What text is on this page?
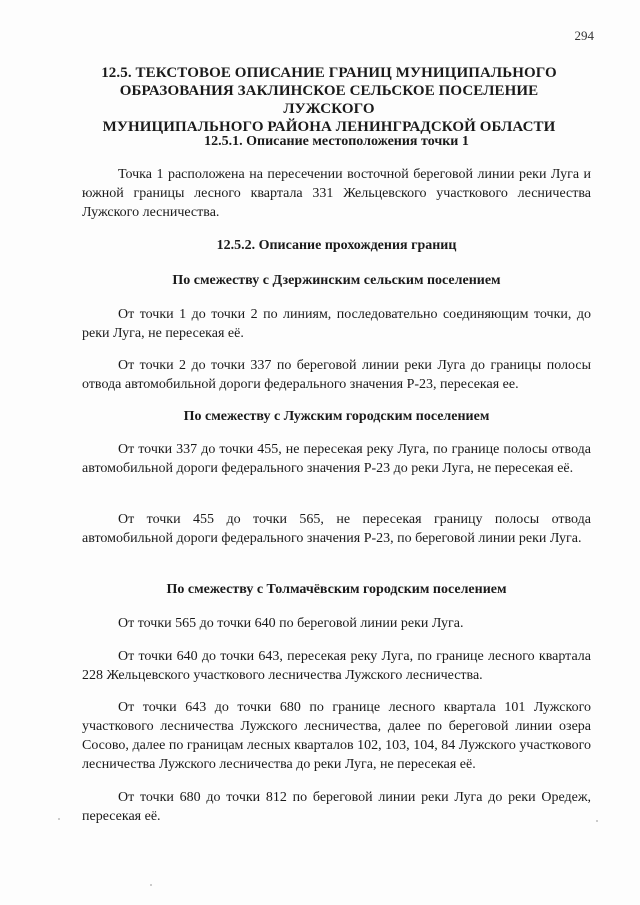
294
12.5. ТЕКСТОВОЕ ОПИСАНИЕ ГРАНИЦ МУНИЦИПАЛЬНОГО
ОБРАЗОВАНИЯ ЗАКЛИНСКОЕ СЕЛЬСКОЕ ПОСЕЛЕНИЕ ЛУЖСКОГО
МУНИЦИПАЛЬНОГО РАЙОНА ЛЕНИНГРАДСКОЙ ОБЛАСТИ

12.5.1. Описание местоположения точки 1

Точка 1 расположена на пересечении восточной береговой линии реки Луга и южной границы лесного квартала 331 Жельцевского участкового лесничества Лужского лесничества.

12.5.2. Описание прохождения границ

По смежеству с Дзержинским сельским поселением

От точки 1 до точки 2 по линиям, последовательно соединяющим точки, до реки Луга, не пересекая её.

От точки 2 до точки 337 по береговой линии реки Луга до границы полосы отвода автомобильной дороги федерального значения Р-23, пересекая ее.

По смежеству с Лужским городским поселением

От точки 337 до точки 455, не пересекая реку Луга, по границе полосы отвода автомобильной дороги федерального значения Р-23 до реки Луга, не пересекая её.

От точки 455 до точки 565, не пересекая границу полосы отвода автомобильной дороги федерального значения Р-23, по береговой линии реки Луга.

По смежеству с Толмачёвским городским поселением

От точки 565 до точки 640 по береговой линии реки Луга.

От точки 640 до точки 643, пересекая реку Луга, по границе лесного квартала 228 Жельцевского участкового лесничества Лужского лесничества.

От точки 643 до точки 680 по границе лесного квартала 101 Лужского участкового лесничества Лужского лесничества, далее по береговой линии озера Сосово, далее по границам лесных кварталов 102, 103, 104, 84 Лужского участкового лесничества Лужского лесничества до реки Луга, не пересекая её.

От точки 680 до точки 812 по береговой линии реки Луга до реки Оредеж, пересекая её.
